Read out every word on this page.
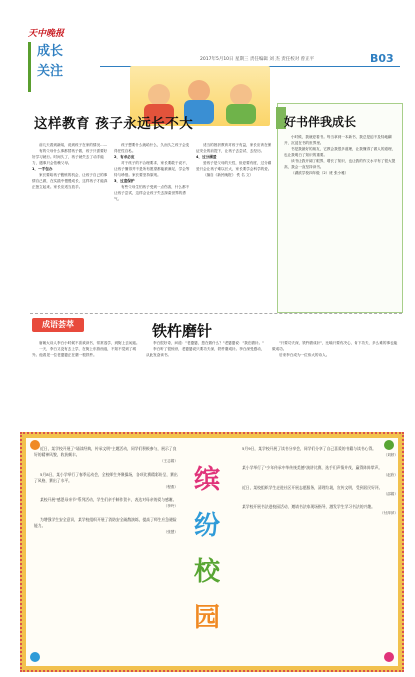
天中晚报
成长
关注
2017年5月10日 星期三 责任编辑 刘 杰 责任校对 曾正平	B03
这样教育 孩子永远长不大

前几天看到新闻，说到孩子在家的情况……

有的父母什么事都替孩子做，孩子只需要好好学习就行。时间久了，孩子就失去了动手能力，遇事只会依赖父母。

1．一手包办

家长要给孩子锻炼的机会，让孩子自己的事情自己做，在实践中慢慢成长，这样孩子才能真正独立起来。家长应适当放手。

孩子想要什么就给什么，久而久之孩子会变得任性自私。

2．有求必应

对于孩子的不合理要求，家长要敢于说不，让孩子懂得并不是所有愿望都能被满足，学会等待与珍惜。家长要坚持原则。

3．过度保护

有些父母生怕孩子受到一点伤害，什么都不让孩子尝试，这样会让孩子失去探索世界的勇气。

适当的挫折教育对孩子有益，家长应该在保证安全的前提下，让孩子去尝试、去经历。

4．过分溺爱

爱孩子是父母的天性，但爱要有度，过分溺爱只会让孩子难以长大，家长要学会科学的爱。

（摘自《新民晚报》 佚 名 文）

好书伴我成长

小时候，我就爱看书。每当拿到一本新书，我总是迫不及待地翻开，沉浸在书的世界里。

书是我最好的朋友，它教会我很多道理，让我懂得了做人的道理，也让我明白了知识的重要。

读书让我开阔了眼界，增长了知识，也让我的作文水平有了很大提高，我会一直坚持读书。

（湖滨学校四年级（2）班 张小雅）

成语荟萃	铁杵磨针

唐朝大诗人李白小时候不喜欢读书，常常逃学，到街上去闲逛。

一天，李白又没有去上学，在街上东游西逛，不知不觉到了城外。他看见一位老婆婆正在磨一根铁杵。

李白很好奇，问道："老婆婆，您在做什么？"老婆婆说："我在磨针。"

李白听了很惊讶，老婆婆说只要功夫深，铁杵磨成针。李白深受感动，从此发奋读书。

"只要功夫深，铁杵磨成针"，比喻只要有决心，肯下功夫，多么难的事也能做成功。

后来李白成为一位伟大的诗人。

缤
纷
校
园
近日，某学校开展了"诵读经典，传承文明"主题活动，同学们积极参与，展示了良好的精神风貌，收获颇丰。
（王志娟）
5月8日，某小学举行了春季运动会，全校师生齐聚操场，各项比赛精彩纷呈，赛出了风格，赛出了水平。
（程燕）
某校开展"感恩母亲节"系列活动，学生们亲手制作贺卡，表达对母亲的爱与感谢。
（李玲）
为增强学生安全意识，某学校组织开展了消防安全疏散演练，提高了师生应急避险能力。
（张慧）
5月9日，某学校开展了读书分享会，同学们分享了自己喜爱的书籍与读书心得。
（刘婷）
某小学举行了"少年传承中华传统美德"演讲比赛，选手们声情并茂，赢得阵阵掌声。
（赵欣）
近日，某校组织学生走进社区开展志愿服务，清理垃圾，宣传文明，受到居民好评。
（邵娟）
某学校开展书法进校园活动，邀请书法家现场指导，激发学生学习书法的兴趣。
（付萍萍）
